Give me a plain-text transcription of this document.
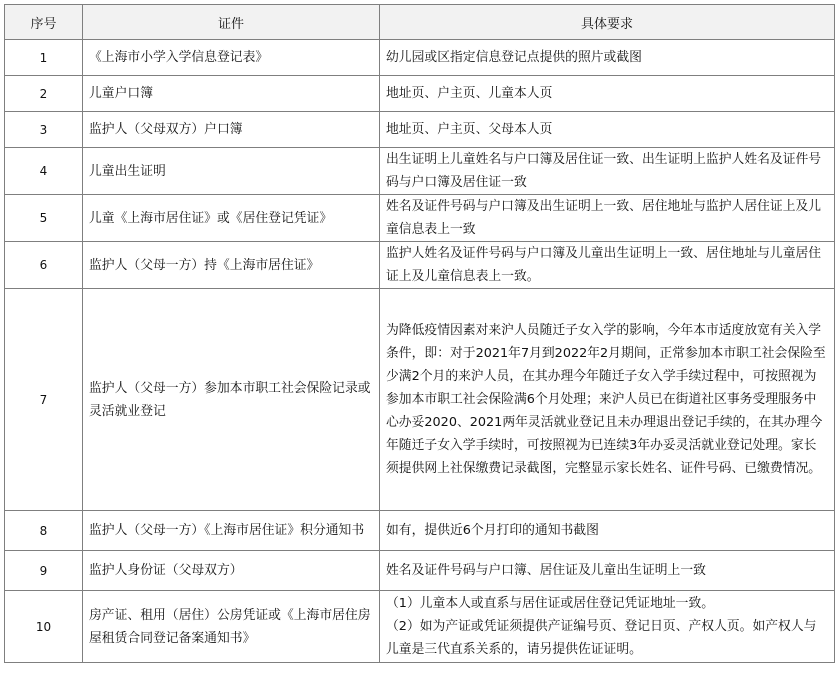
序号	证件	具体要求
1	《上海市小学入学信息登记表》	幼儿园或区指定信息登记点提供的照片或截图

2	儿童户口簿	地址页、户主页、儿童本人页

3	监护人（父母双方）户口簿	地址页、户主页、父母本人页

4	儿童出生证明	出生证明上儿童姓名与户口簿及居住证一致、出生证明上监护人姓名及证件号码与户口簿及居住证一致

5	儿童《上海市居住证》或《居住登记凭证》	姓名及证件号码与户口簿及出生证明上一致、居住地址与监护人居住证上及儿童信息表上一致

6	监护人（父母一方）持《上海市居住证》	监护人姓名及证件号码与户口簿及儿童出生证明上一致、居住地址与儿童居住证上及儿童信息表上一致。

7	监护人（父母一方）参加本市职工社会保险记录或灵活就业登记	为降低疫情因素对来沪人员随迁子女入学的影响，今年本市适度放宽有关入学条件，即：对于2021年7月到2022年2月期间，正常参加本市职工社会保险至少满2个月的来沪人员，在其办理今年随迁子女入学手续过程中，可按照视为参加本市职工社会保险满6个月处理；来沪人员已在街道社区事务受理服务中心办妥2020、2021两年灵活就业登记且未办理退出登记手续的，在其办理今年随迁子女入学手续时，可按照视为已连续3年办妥灵活就业登记处理。家长须提供网上社保缴费记录截图，完整显示家长姓名、证件号码、已缴费情况。

8	监护人（父母一方）《上海市居住证》积分通知书	如有，提供近6个月打印的通知书截图

9	监护人身份证（父母双方）	姓名及证件号码与户口簿、居住证及儿童出生证明上一致

10	房产证、租用（居住）公房凭证或《上海市居住房屋租赁合同登记备案通知书》	（1）儿童本人或直系与居住证或居住登记凭证地址一致。
（2）如为产证或凭证须提供产证编号页、登记日页、产权人页。如产权人与儿童是三代直系关系的，请另提供佐证证明。
